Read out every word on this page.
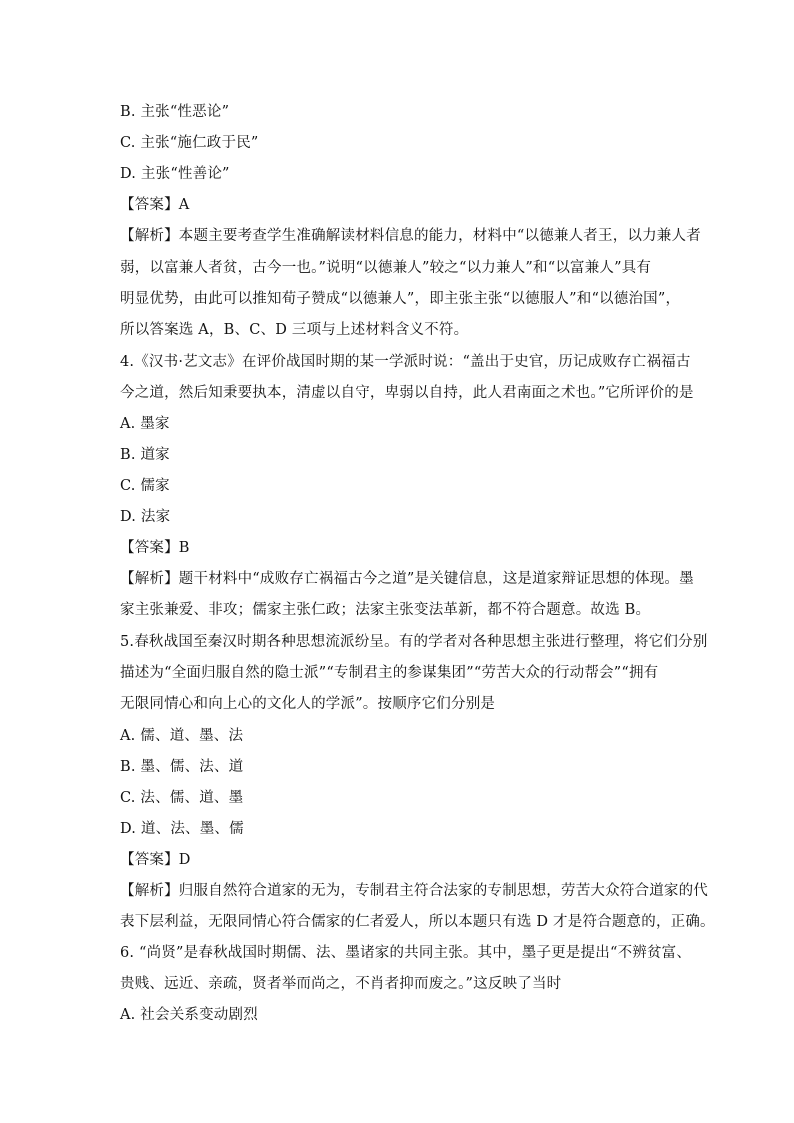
B. 主张“性恶论”
C. 主张“施仁政于民”
D. 主张“性善论”
【答案】A
【解析】本题主要考查学生准确解读材料信息的能力，材料中“以德兼人者王，以力兼人者
弱，以富兼人者贫，古今一也。”说明“以德兼人”较之“以力兼人”和“以富兼人”具有
明显优势，由此可以推知荀子赞成“以德兼人”，即主张主张“以德服人”和“以德治国”，
所以答案选 A，B、C、D 三项与上述材料含义不符。
4.《汉书·艺文志》在评价战国时期的某一学派时说：“盖出于史官，历记成败存亡祸福古
今之道，然后知秉要执本，清虚以自守，卑弱以自持，此人君南面之术也。”它所评价的是
A. 墨家
B. 道家
C. 儒家
D. 法家
【答案】B
【解析】题干材料中“成败存亡祸福古今之道”是关键信息，这是道家辩证思想的体现。墨
家主张兼爱、非攻；儒家主张仁政；法家主张变法革新，都不符合题意。故选 B。
5.春秋战国至秦汉时期各种思想流派纷呈。有的学者对各种思想主张进行整理，将它们分别
描述为“全面归服自然的隐士派”“专制君主的参谋集团”“劳苦大众的行动帮会”“拥有
无限同情心和向上心的文化人的学派”。按顺序它们分别是
A. 儒、道、墨、法
B. 墨、儒、法、道
C. 法、儒、道、墨
D. 道、法、墨、儒
【答案】D
【解析】归服自然符合道家的无为，专制君主符合法家的专制思想，劳苦大众符合道家的代
表下层利益，无限同情心符合儒家的仁者爱人，所以本题只有选 D 才是符合题意的，正确。
6. “尚贤”是春秋战国时期儒、法、墨诸家的共同主张。其中，墨子更是提出“不辨贫富、
贵贱、远近、亲疏，贤者举而尚之，不肖者抑而废之。”这反映了当时
A. 社会关系变动剧烈
